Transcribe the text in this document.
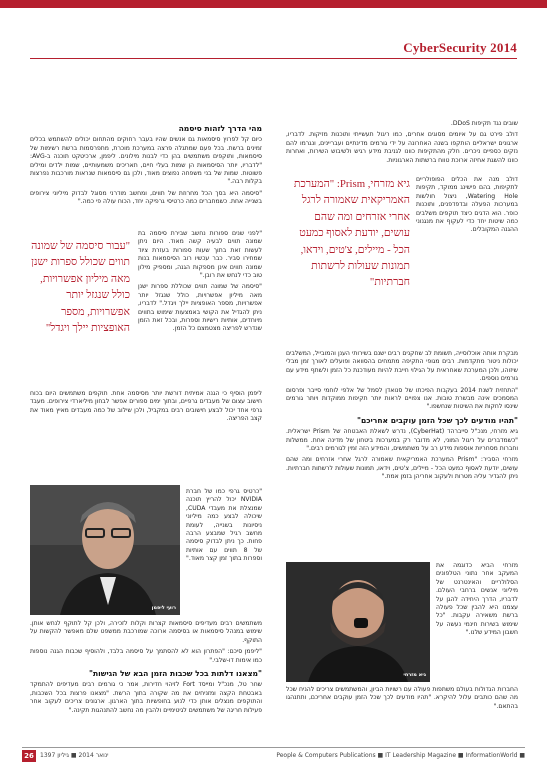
CyberSecurity 2014
מהי הדרך לזהות סיסמה

כיום קל לפרוץ סיסמאות גם אנשים שהיו בעבר רחוקים מהתחום יכולים להשתמש בכלים זמינים ברשת. בכל פעם שמתגלה פרצה במערכת מוכרת, מתפרסמות ברשת רשימות של סיסמאות, ותוקפים משתמשים בהן כדי לבנות מילונים. ליפמן, ארכיטקט תוכנה ב-AVG: "לדבריו, יותר הסיסמאות הן שמות בעלי חיים, תאריכים משמעותיים, שמות ילדים ומילים פשוטות. שמות של בני משפחה נפוצים מאוד, ולכן גם סיסמאות שנראות מורכבות נפרצות בקלות רבה."

"סיסמה היא בסך הכל מחרוזת של תווים, ומחשב מודרני מסוגל לבדוק מיליוני צירופים בשנייה אחת. כשמחברים כמה כרטיסי גרפיקה יחד, הכוח עולה פי כמה."

"עבור סיסמה של שמונה תווים שכולל ספרות ישנן מאה מיליון אפשרויות, כולל שנגזל יותר אפשרויות, מספר האופציות יילך ויגדל"

"לפני שנים ספורות נחשב שבירת סיסמה בת שמונה תווים לבעיה קשה מאוד. היום ניתן לעשות זאת בתוך שעות ספורות בעזרת ציוד שמחירו סביר. כבר עכשיו רוב הסיסמאות בנות שמונה תווים אינן מספקות הגנה, ומספיק מילון טוב כדי לנחש את רובן."

"סיסמה של שמונה תווים שכוללת ספרות ישנן מאה מיליון אפשרויות, כולל שנגזל יותר אפשרויות, מספר האופציות יילך ויגדל." לדבריו, ניתן להגדיל את הקושי באמצעות שימוש בתווים מיוחדים, אותיות רישיות וספרות, ובכל זאת הזמן שנדרש לפריצה מצטמצם כל הזמן.

ליפמן הוסיף כי הגנה אמיתית דורשת יותר מסיסמה אחת. תוקפים משתמשים היום בכוח חישוב עצום של מעבדים גרפיים, ובתוך ימים ספורים אפשר לבחון מיליארדי צירופים. מעבד גרפי אחד יכול לבצע חישובים רבים במקביל, ולכן שילוב של כמה מעבדים מאיץ מאוד את קצב הפריצה.

רועי ליפמן

"כרטיס גרפי כמו של חברת NVIDIA יכול להריץ תוכנה שמנצלת את מעבדי CUDA, שיכולה לבצע כמה מיליוני ניסיונות בשנייה, לעומת מחשב רגיל שמבצע הרבה פחות. כך ניתן לבדוק סיסמה של 8 תווים עם אותיות וספרות בתוך זמן קצר מאוד."

משתמשים רבים מעדיפים סיסמאות קצרות וקלות לזכירה, ולכן קל לתוקף לנחש אותן. שימוש במנהל סיסמאות או בסיסמה ארוכה שמורכבת ממשפט שלם מאפשר להקשות על התוקף.

"ליפמן סיכם: "הפתרון הוא לא להסתמך על סיסמה בלבד, ולהוסיף שכבות הגנה נוספות כמו אימות דו-שלבי."

"מצאנו דלתות בכל שכבות הזמן הבא של הגישות"

שחר טל, מנכ"ל ומייסד Fort לזיהוי חדירות, אמר כי גורמים רבים מעדיפים להתמקד באבטחת הקצה ומזניחים את מה שקורה בתוך הרשת. "מצאנו פרצות בכל השכבות, והתוקפים מנצלים אותן כדי לנוע בחופשיות בתוך הארגון. ארגונים צריכים לעקוב אחר פעילות חריגה של משתמשים לגיטימיים ולהבין מה נחשב להתנהגות תקינה."

שובים נגד תקיפות DDoS.

דולב פירט גם על איומים מסוגים אחרים, כמו ריגול תעשייתי ותוכנות מזיקות. לדבריו, ארגונים ישראליים הותקפו בשנה האחרונה על ידי גורמים מדינתיים ועבריינים, ונגרמו להם נזקים כספיים ניכרים. חלק מהתקיפות כוונו לגניבת מידע רגיש ולשיבוש השירות, ואחרות כוונו להשגת אחיזה ארוכת טווח ברשתות הארגוניות.

גיא מזרחי, Prism: "המערכת האמריקאית שאמורה לרגל אחרי אזרחים ומה שהם עושים, יודעת לאסוף כמעט הכל - מיילים, צ'טים, וידאו, תמונות שעולות לרשתות חברתיות"

דולב מנה את הכלים הפופולריים לתקיפות, בהם פישינג ממוקד, תקיפות Watering Hole, ניצול חולשות במערכות הפעלה ובדפדפנים, ותוכנות כופר. הוא הדגים כיצד תוקפים משלבים כמה שיטות יחד כדי לעקוף את מנגנוני ההגנה המקובלים.

מבקרת אותה אוכלוסייה, תשומת לב שחקנים רבים ישנם בשירותי הענן והמובייל, המשלבים יכולות ניטור מתקדמות. רבים מגופי התקיפה מתמחים בהסוואה ופועלים לאורך זמן מבלי שיזוהו, ולכן המערכת שאחראית על הגילוי חייבת להיות מעודכנת כל הזמן ולשתף מידע עם גורמים נוספים.

"התחזית לשנת 2014 בעקבות הפיכתו של סנואדן לסמל של אלפי לוחמי סייבר ופרסום המסמכים אינה מבשרת טובות. אנו צפויים לראות יותר תקיפות ממוקדות ויותר גורמים שינסו לחקות את השיטות שנחשפו."

"תהיו מודעים לכך שכל הזמן עוקבים אחריכם"

גיא מזרחי, מנכ"ל סייברהד (CyberHat), נדרש לשאלת האבטחה של Prism ישראלית. "כשמדברים על ריגול המוני, לא מדובר רק במערכות ביטחון של מדינה אחת. ממשלות וחברות מסחריות אוספות מידע רב על משתמשים, והמידע הזה זמין לגורמים רבים."

מזרחי הסביר: "Prism המערכת האמריקאית שאמורה לרגל אחרי אזרחים ומה שהם עושים, יודעת לאסוף כמעט הכל - מיילים, צ'טים, וידאו, תמונות שעולות לרשתות חברתיות. ניתן להגדיר עליה מטרות ולעקוב אחריהן בזמן אמת."

מזרחי הביא כדוגמה את המעקב אחר נתוני הטלפונים הסלולריים והאינטרנט של מיליוני אנשים ברחבי העולם. לדבריו, הדרך היחידה להגן על עצמנו היא להבין שכל פעולה ברשת משאירה עקבות. "כל שימוש בשירות חינמי נעשה על חשבון המידע שלנו."

גיא מזרחי

החברות הגדולות בעולם משתפות פעולה עם רשויות הביון, והמשתמשים צריכים להניח שכל מה שהם כותבים עלול להיקרא. "תהיו מודעים לכך שכל הזמן עוקבים אחריכם, ותתנהגו בהתאם."

26	ינואר 2014 ■ גיליון 1397	People & Computers Publications ■ IT Leadership Magazine ■ InformationWorld ■
